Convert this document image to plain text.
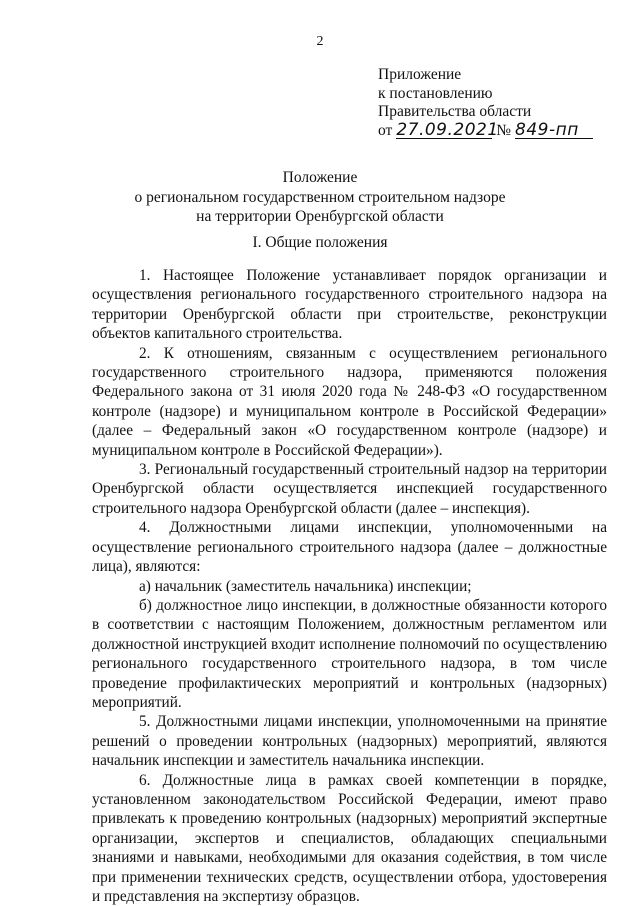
2
Приложение
к постановлению
Правительства области
от 27.09.2021 № 849-пп
Положение
о региональном государственном строительном надзоре
на территории Оренбургской области
I. Общие положения

1. Настоящее Положение устанавливает порядок организации и осуществления регионального государственного строительного надзора на территории Оренбургской области при строительстве, реконструкции объектов капитального строительства.

2. К отношениям, связанным с осуществлением регионального государственного строительного надзора, применяются положения Федерального закона от 31 июля 2020 года № 248-ФЗ «О государственном контроле (надзоре) и муниципальном контроле в Российской Федерации» (далее – Федеральный закон «О государственном контроле (надзоре) и муниципальном контроле в Российской Федерации»).

3. Региональный государственный строительный надзор на территории Оренбургской области осуществляется инспекцией государственного строительного надзора Оренбургской области (далее – инспекция).

4. Должностными лицами инспекции, уполномоченными на осуществление регионального строительного надзора (далее – должностные лица), являются:

а) начальник (заместитель начальника) инспекции;

б) должностное лицо инспекции, в должностные обязанности которого в соответствии с настоящим Положением, должностным регламентом или должностной инструкцией входит исполнение полномочий по осуществлению регионального государственного строительного надзора, в том числе проведение профилактических мероприятий и контрольных (надзорных) мероприятий.

5. Должностными лицами инспекции, уполномоченными на принятие решений о проведении контрольных (надзорных) мероприятий, являются начальник инспекции и заместитель начальника инспекции.

6. Должностные лица в рамках своей компетенции в порядке, установленном законодательством Российской Федерации, имеют право привлекать к проведению контрольных (надзорных) мероприятий экспертные организации, экспертов и специалистов, обладающих специальными знаниями и навыками, необходимыми для оказания содействия, в том числе при применении технических средств, осуществлении отбора, удостоверения и представления на экспертизу образцов.
